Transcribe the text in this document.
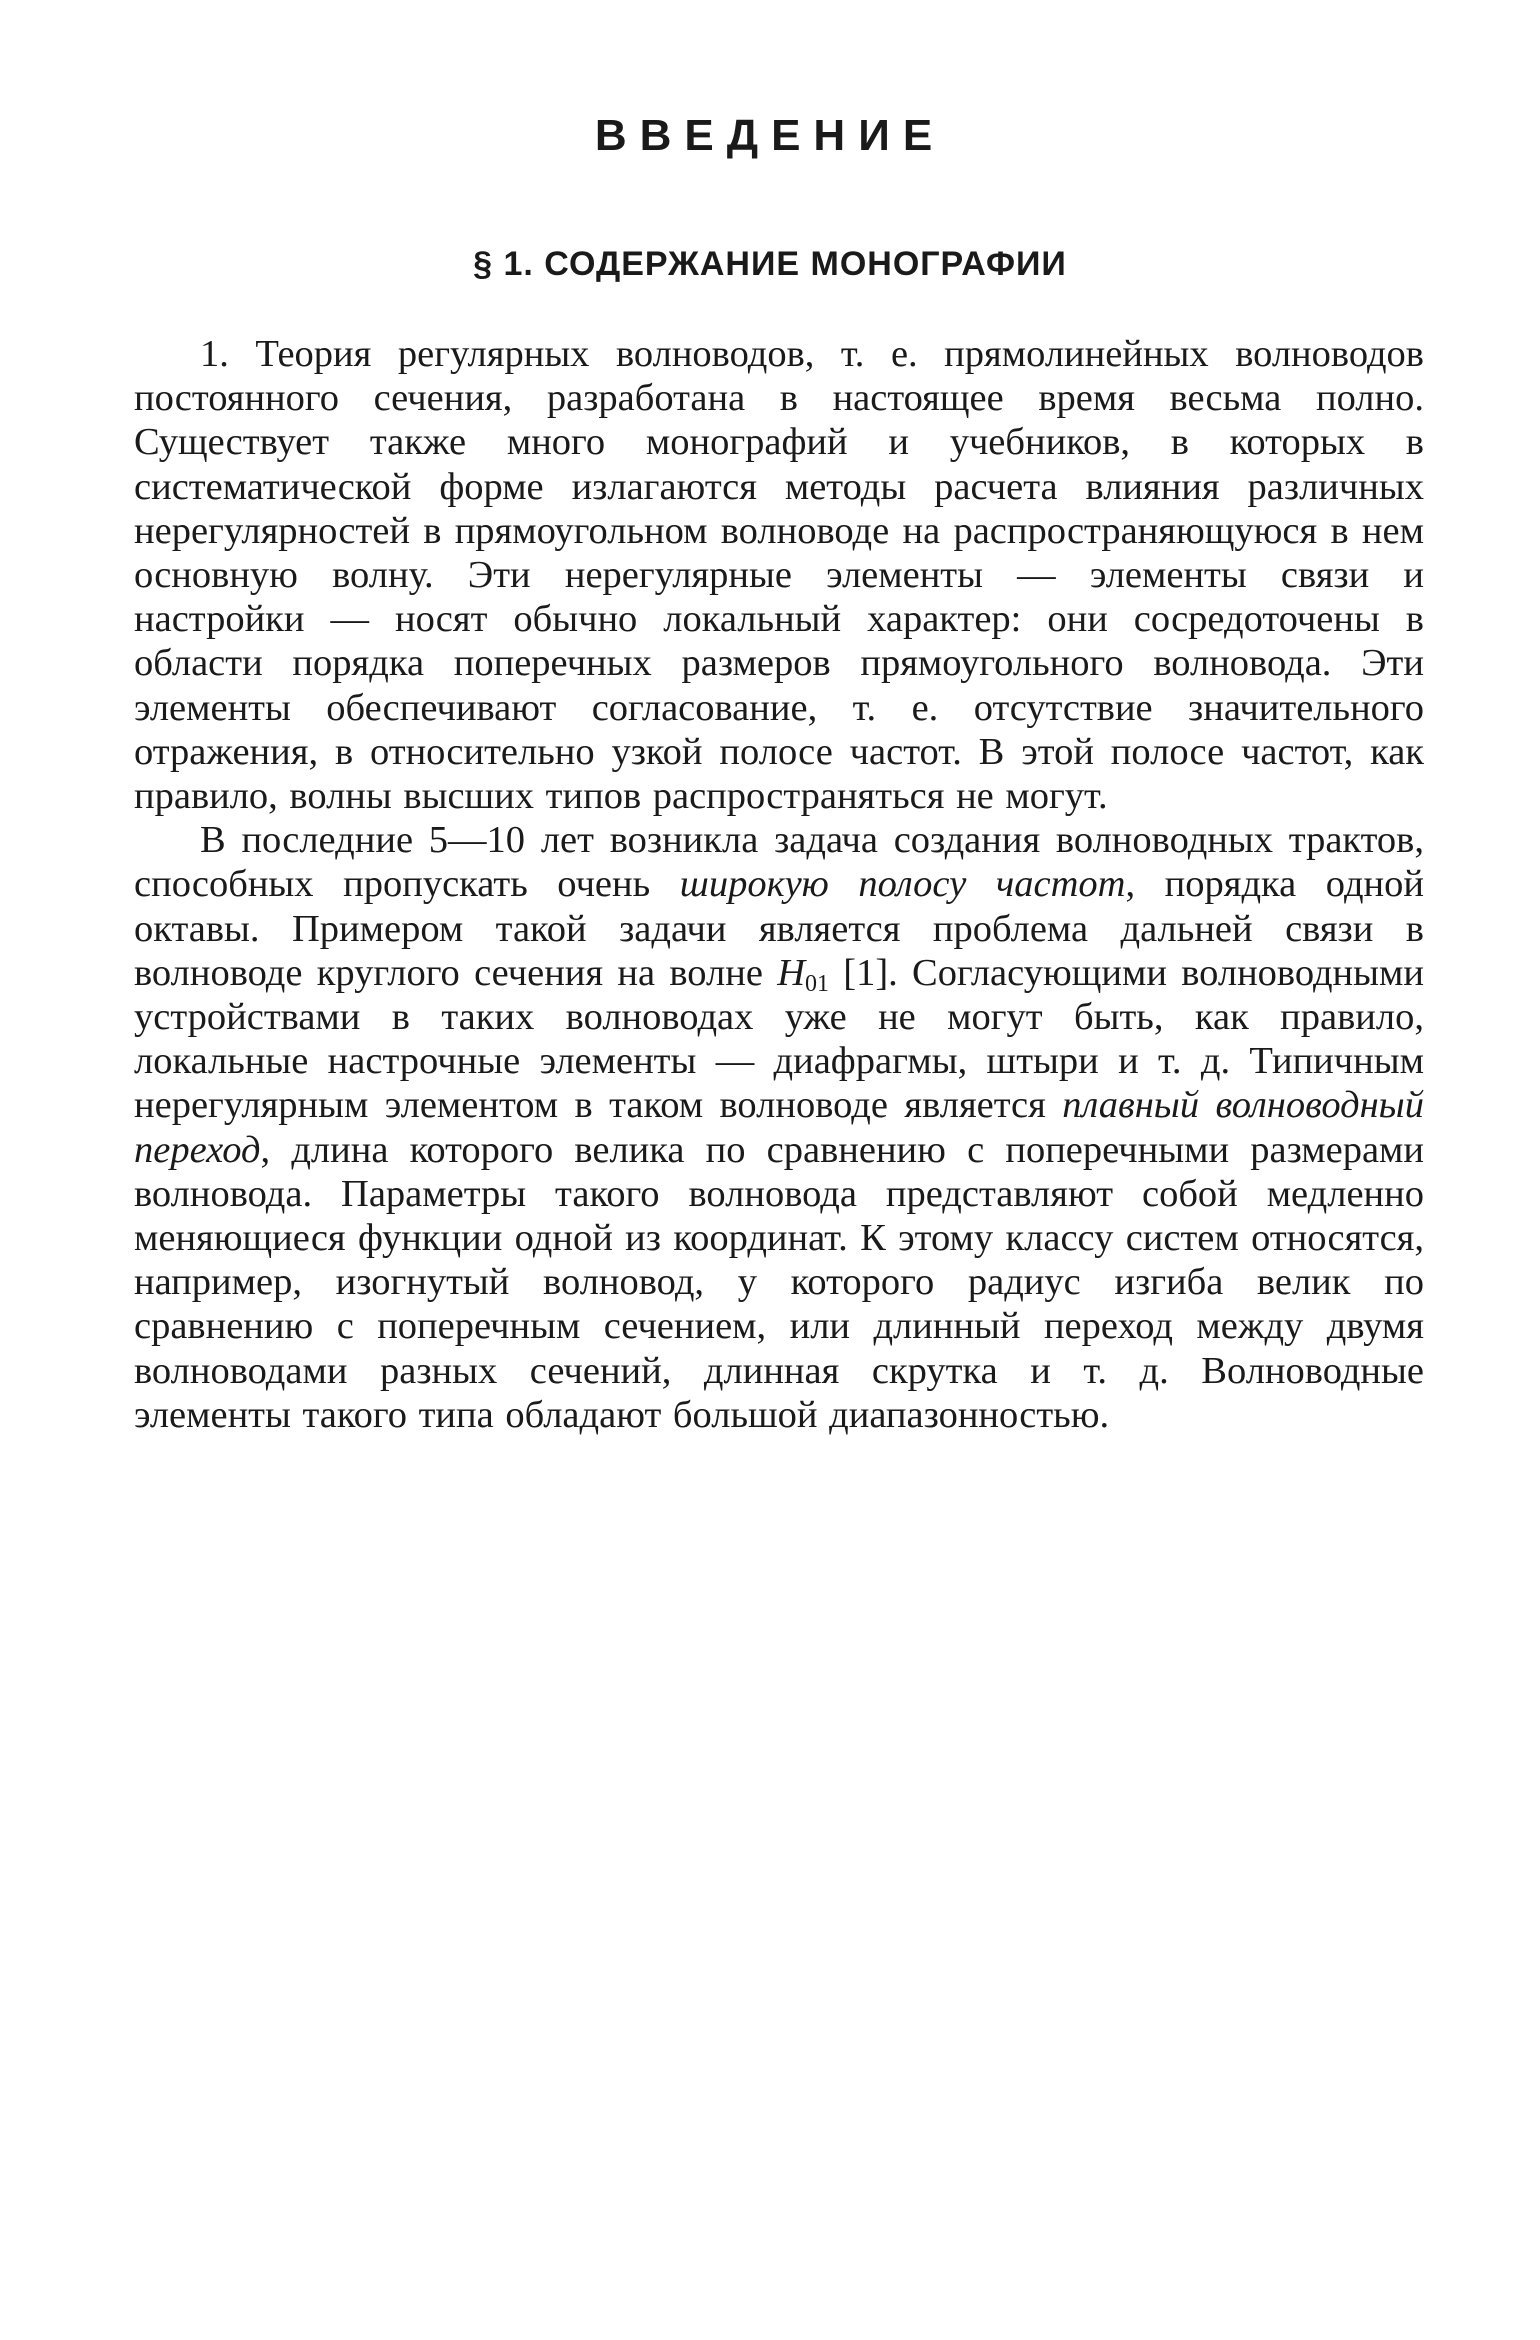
ВВЕДЕНИЕ
§ 1. СОДЕРЖАНИЕ МОНОГРАФИИ

1. Теория регулярных волноводов, т. е. прямолинейных волноводов постоянного сечения, разработана в настоящее время весьма полно. Существует также много монографий и учебников, в которых в систематической форме излагаются методы расчета влияния различных нерегулярностей в прямоугольном волноводе на распространяющуюся в нем основную волну. Эти нерегулярные элементы — элементы связи и настройки — носят обычно локальный характер: они сосредоточены в области порядка поперечных размеров прямоугольного волновода. Эти элементы обеспечивают согласование, т. е. отсутствие значительного отражения, в относительно узкой полосе частот. В этой полосе частот, как правило, волны высших типов распространяться не могут.

В последние 5—10 лет возникла задача создания волноводных трактов, способных пропускать очень широкую полосу частот, порядка одной октавы. Примером такой задачи является проблема дальней связи в волноводе круглого сечения на волне $H_{01}$ [1]. Согласующими волноводными устройствами в таких волноводах уже не могут быть, как правило, локальные настрочные элементы — диафрагмы, штыри и т. д. Типичным нерегулярным элементом в таком волноводе является плавный волноводный переход, длина которого велика по сравнению с поперечными размерами волновода. Параметры такого волновода представляют собой медленно меняющиеся функции одной из координат. К этому классу систем относятся, например, изогнутый волновод, у которого радиус изгиба велик по сравнению с поперечным сечением, или длинный переход между двумя волноводами разных сечений, длинная скрутка и т. д. Волноводные элементы такого типа обладают большой диапазонностью.
